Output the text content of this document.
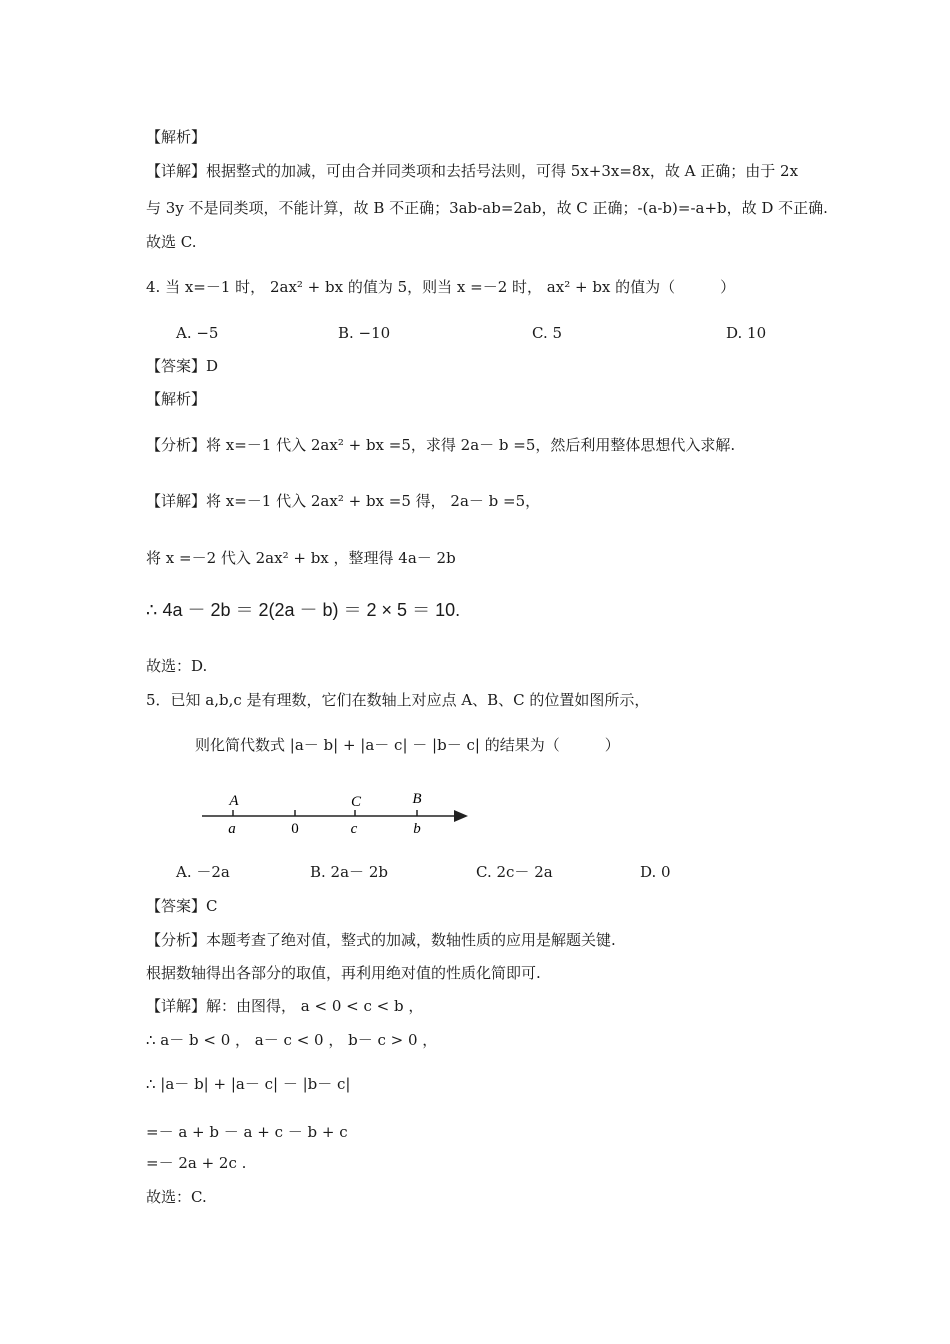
【解析】
【详解】根据整式的加减，可由合并同类项和去括号法则，可得 5x+3x=8x，故 A 正确；由于 2x
与 3y 不是同类项，不能计算，故 B 不正确；3ab-ab=2ab，故 C 正确；-(a-b)=-a+b，故 D 不正确.
故选 C.
4. 当 x=－1 时， 2ax² + bx 的值为 5，则当 x =－2 时， ax² + bx 的值为（　　　）
A. −5	B. −10	C. 5	D. 10
【答案】D
【解析】
【分析】将 x=－1 代入 2ax² + bx =5，求得 2a－ b =5，然后利用整体思想代入求解.
【详解】将 x=－1 代入 2ax² + bx =5 得， 2a－ b =5，
将 x =－2 代入 2ax² + bx ，整理得 4a－ 2b
∴ 4a － 2b ＝ 2(2a － b) ＝ 2 × 5 ＝ 10.
故选：D.
5．已知 a,b,c 是有理数，它们在数轴上对应点 A、B、C 的位置如图所示，
则化简代数式 |a－ b| + |a－ c| － |b－ c| 的结果为（　　　）
A	C	B
a	0	c	b
A. －2a	B. 2a－ 2b	C. 2c－ 2a	D. 0
【答案】C
【分析】本题考查了绝对值，整式的加减，数轴性质的应用是解题关键.
根据数轴得出各部分的取值，再利用绝对值的性质化简即可.
【详解】解：由图得， a < 0 < c < b ，
∴ a－ b < 0 ， a－ c < 0 ， b－ c > 0 ，
∴ |a－ b| + |a－ c| － |b－ c|
=－ a + b － a + c － b + c
=－ 2a + 2c .
故选：C.
